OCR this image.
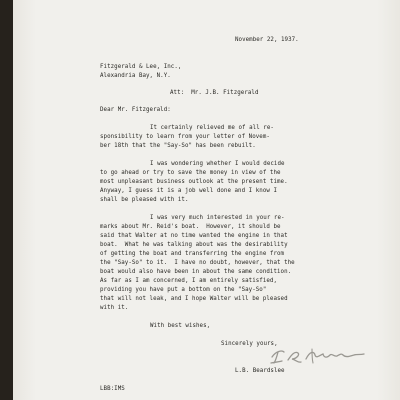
November 22, 1937.
Fitzgerald & Lee, Inc.,
Alexandria Bay, N.Y.
Att:  Mr. J.B. Fitzgerald
Dear Mr. Fitzgerald:
It certainly relieved me of all re-
sponsibility to learn from your letter of Novem-
ber 18th that the "Say-So" has been rebuilt.
I was wondering whether I would decide
to go ahead or try to save the money in view of the
most unpleasant business outlook at the present time.
Anyway, I guess it is a job well done and I know I
shall be pleased with it.
I was very much interested in your re-
marks about Mr. Reid's boat.  However, it should be
said that Walter at no time wanted the engine in that
boat.  What he was talking about was the desirability
of getting the boat and transferring the engine from
the "Say-So" to it.  I have no doubt, however, that the
boat would also have been in about the same condition.
As far as I am concerned, I am entirely satisfied,
providing you have put a bottom on the "Say-So"
that will not leak, and I hope Walter will be pleased
with it.
With best wishes,
Sincerely yours,
L.B. Beardslee
LBB:IMS
